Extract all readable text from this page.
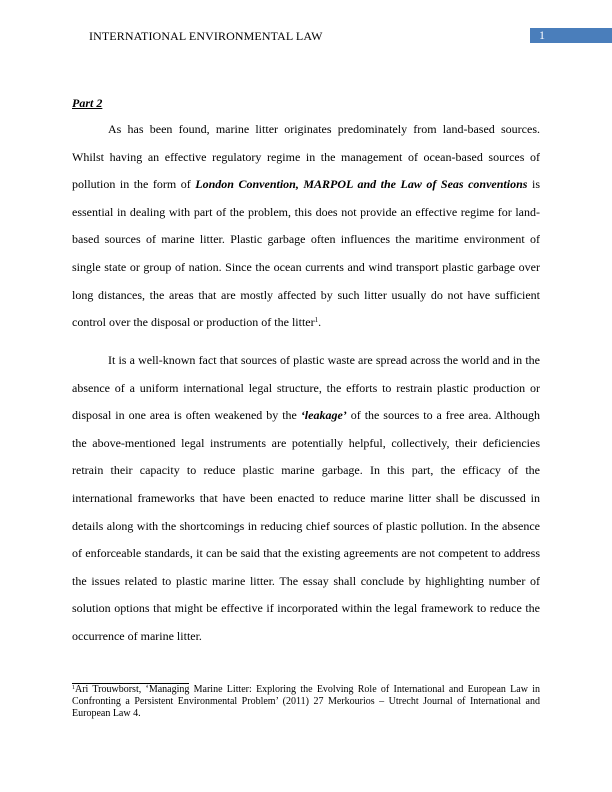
INTERNATIONAL ENVIRONMENTAL LAW	1
Part 2

As has been found, marine litter originates predominately from land-based sources. Whilst having an effective regulatory regime in the management of ocean-based sources of pollution in the form of London Convention, MARPOL and the Law of Seas conventions is essential in dealing with part of the problem, this does not provide an effective regime for land-based sources of marine litter. Plastic garbage often influences the maritime environment of single state or group of nation. Since the ocean currents and wind transport plastic garbage over long distances, the areas that are mostly affected by such litter usually do not have sufficient control over the disposal or production of the litter$^1$.

It is a well-known fact that sources of plastic waste are spread across the world and in the absence of a uniform international legal structure, the efforts to restrain plastic production or disposal in one area is often weakened by the ‘leakage’ of the sources to a free area. Although the above-mentioned legal instruments are potentially helpful, collectively, their deficiencies retrain their capacity to reduce plastic marine garbage. In this part, the efficacy of the international frameworks that have been enacted to reduce marine litter shall be discussed in details along with the shortcomings in reducing chief sources of plastic pollution. In the absence of enforceable standards, it can be said that the existing agreements are not competent to address the issues related to plastic marine litter. The essay shall conclude by highlighting number of solution options that might be effective if incorporated within the legal framework to reduce the occurrence of marine litter.

$^1$Ari Trouwborst, ‘Managing Marine Litter: Exploring the Evolving Role of International and European Law in Confronting a Persistent Environmental Problem’ (2011) 27 Merkourios – Utrecht Journal of International and European Law 4.
